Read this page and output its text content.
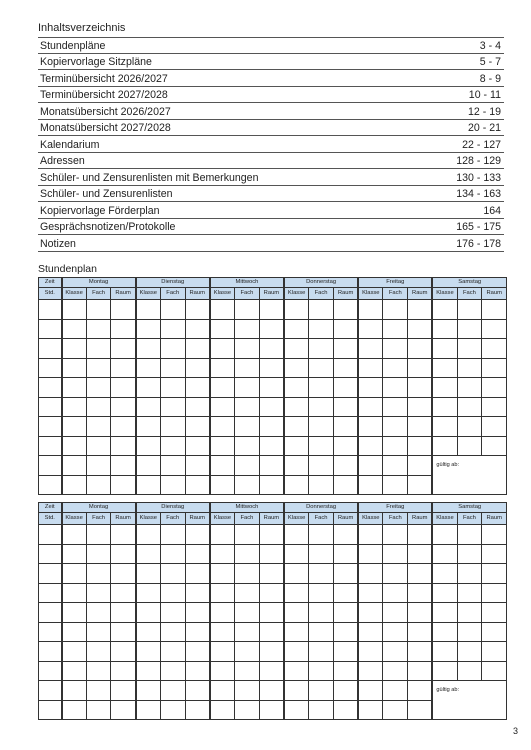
Inhaltsverzeichnis
Stundenpläne	3 - 4
Kopiervorlage Sitzpläne	5 - 7
Terminübersicht 2026/2027	8 - 9
Terminübersicht 2027/2028	10 - 11
Monatsübersicht 2026/2027	12 - 19
Monatsübersicht 2027/2028	20 - 21
Kalendarium	22 - 127
Adressen	128 - 129
Schüler- und Zensurenlisten mit Bemerkungen	130 - 133
Schüler- und Zensurenlisten	134 - 163
Kopiervorlage Förderplan	164
Gesprächsnotizen/Protokolle	165 - 175
Notizen	176 - 178
Stundenplan
Zeit	Montag			Dienstag			Mittwoch			Donnerstag			Freitag			Samstag		
Std.	Klasse	Fach	Raum	Klasse	Fach	Raum	Klasse	Fach	Raum	Klasse	Fach	Raum	Klasse	Fach	Raum	Klasse	Fach	Raum

																gültig ab:		

Zeit	Montag			Dienstag			Mittwoch			Donnerstag			Freitag			Samstag		
Std.	Klasse	Fach	Raum	Klasse	Fach	Raum	Klasse	Fach	Raum	Klasse	Fach	Raum	Klasse	Fach	Raum	Klasse	Fach	Raum

																gültig ab:		

3
